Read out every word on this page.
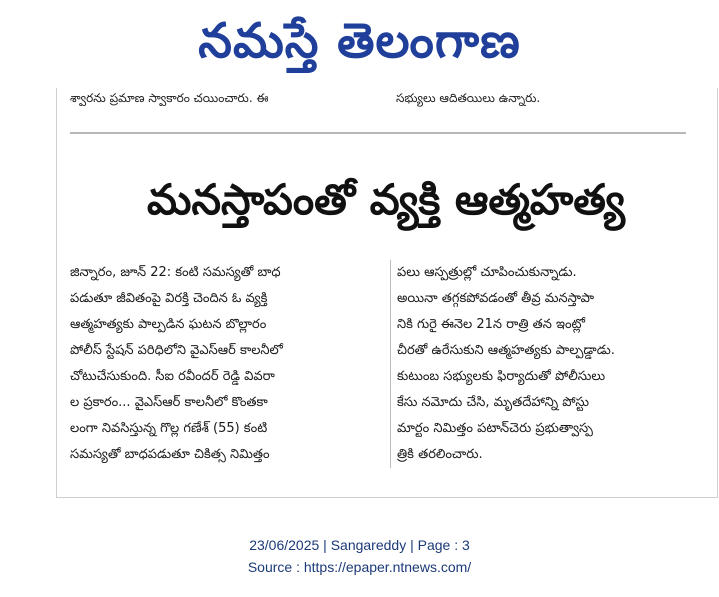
నమస్తే తెలంగాణ
శ్వారను ప్రమాణ స్వాకారం చయించారు. ఈ	సభ్యులు ఆదితయిలు ఉన్నారు.
మనస్తాపంతో వ్యక్తి ఆత్మహత్య
జిన్నారం, జూన్ 22: కంటి సమస్యతో బాధ
పడుతూ జీవితంపై విరక్తి చెందిన ఓ వ్యక్తి
ఆత్మహత్యకు పాల్పడిన ఘటన బొల్లారం
పోలీస్ స్టేషన్ పరిధిలోని వైఎస్ఆర్ కాలనీలో
చోటుచేసుకుంది. సీఐ రవీందర్ రెడ్డి వివరా
ల ప్రకారం... వైఎస్ఆర్ కాలనీలో కొంతకా
లంగా నివసిస్తున్న గొల్ల గణేశ్ (55) కంటి
సమస్యతో బాధపడుతూ చికిత్స నిమిత్తం
పలు ఆస్పత్రుల్లో చూపించుకున్నాడు.
అయినా తగ్గకపోవడంతో తీవ్ర మనస్తాపా
నికి గురై ఈనెల 21న రాత్రి తన ఇంట్లో
చీరతో ఉరేసుకుని ఆత్మహత్యకు పాల్పడ్డాడు.
కుటుంబ సభ్యులకు ఫిర్యాదుతో పోలీసులు
కేసు నమోదు చేసి, మృతదేహాన్ని పోస్టు
మార్టం నిమిత్తం పటాన్‌చెరు ప్రభుత్వాస్ప
త్రికి తరలించారు.
23/06/2025 | Sangareddy | Page : 3
Source : https://epaper.ntnews.com/
